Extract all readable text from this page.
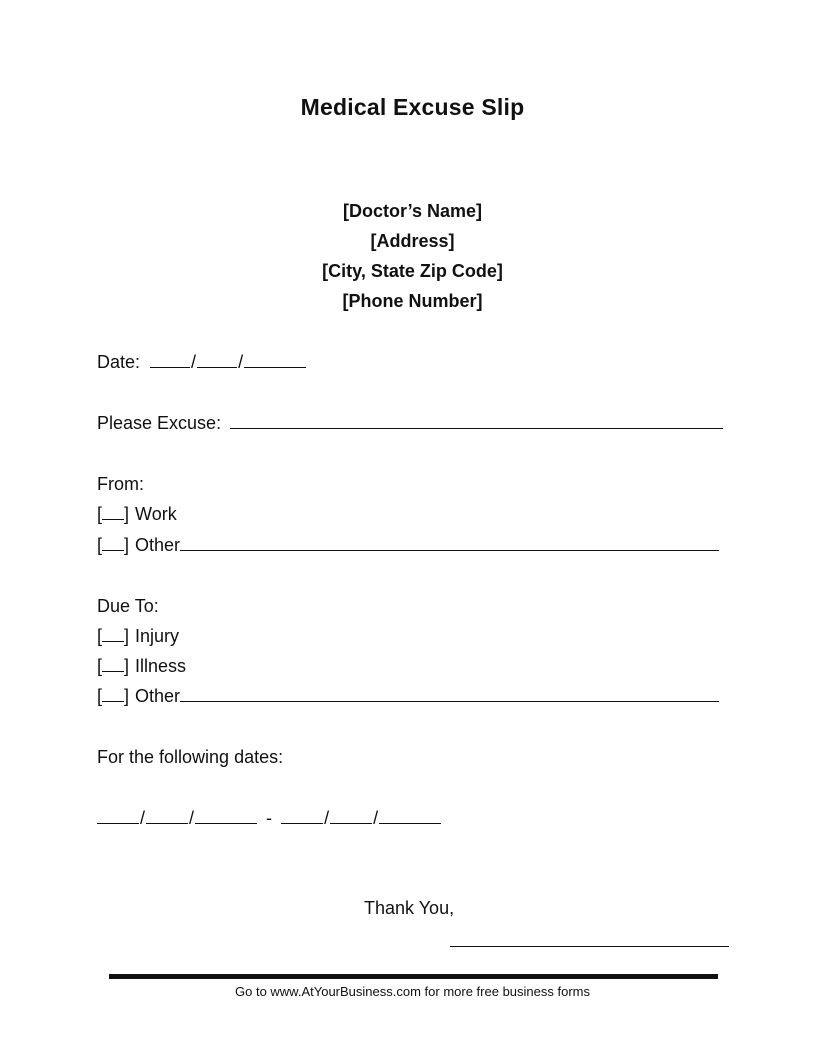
Medical Excuse Slip
[Doctor’s Name]
[Address]
[City, State Zip Code]
[Phone Number]
Date:	/ /
Please Excuse:
From:
[ ] Work
[ ] Other
Due To:
[ ] Injury
[ ] Illness
[ ] Other
For the following dates:
/ /	-	/ /
Thank You,
Go to www.AtYourBusiness.com for more free business forms
